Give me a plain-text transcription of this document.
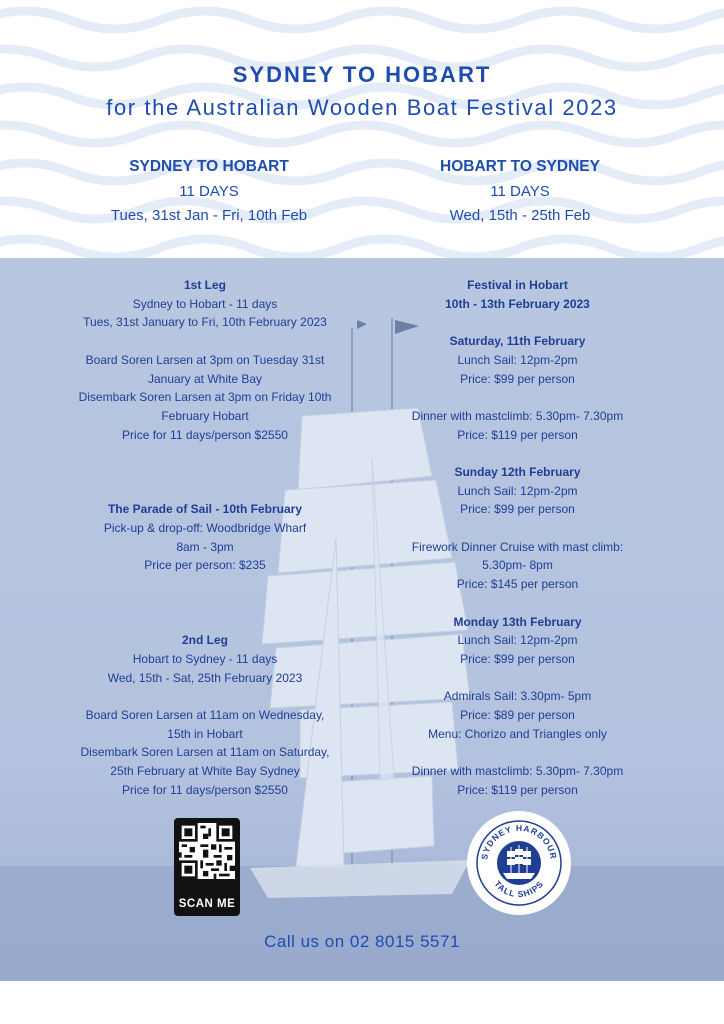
SYDNEY TO HOBART
for the Australian Wooden Boat Festival 2023
SYDNEY TO HOBART
11 DAYS
Tues, 31st Jan - Fri, 10th Feb
HOBART TO SYDNEY
11 DAYS
Wed, 15th - 25th Feb
1st Leg
Sydney to Hobart - 11 days
Tues, 31st January to Fri, 10th February 2023
Board Soren Larsen at 3pm on Tuesday 31st
January at White Bay
Disembark Soren Larsen at 3pm on Friday 10th
February Hobart
Price for 11 days/person $2550
The Parade of Sail - 10th February
Pick-up & drop-off: Woodbridge Wharf
8am - 3pm
Price per person: $235
2nd Leg
Hobart to Sydney - 11 days
Wed, 15th - Sat, 25th February 2023
Board Soren Larsen at 11am on Wednesday,
15th in Hobart
Disembark Soren Larsen at 11am on Saturday,
25th February at White Bay Sydney
Price for 11 days/person $2550
Festival in Hobart
10th - 13th February 2023
Saturday, 11th February
Lunch Sail: 12pm-2pm
Price: $99 per person
Dinner with mastclimb: 5.30pm- 7.30pm
Price: $119 per person
Sunday 12th February
Lunch Sail: 12pm-2pm
Price: $99 per person
Firework Dinner Cruise with mast climb:
5.30pm- 8pm
Price: $145 per person
Monday 13th February
Lunch Sail: 12pm-2pm
Price: $99 per person
Admirals Sail: 3.30pm- 5pm
Price: $89 per person
Menu: Chorizo and Triangles only
Dinner with mastclimb: 5.30pm- 7.30pm
Price: $119 per person
SCAN ME
SYDNEY HARBOUR
TALL SHIPS
Call us on 02 8015 5571
